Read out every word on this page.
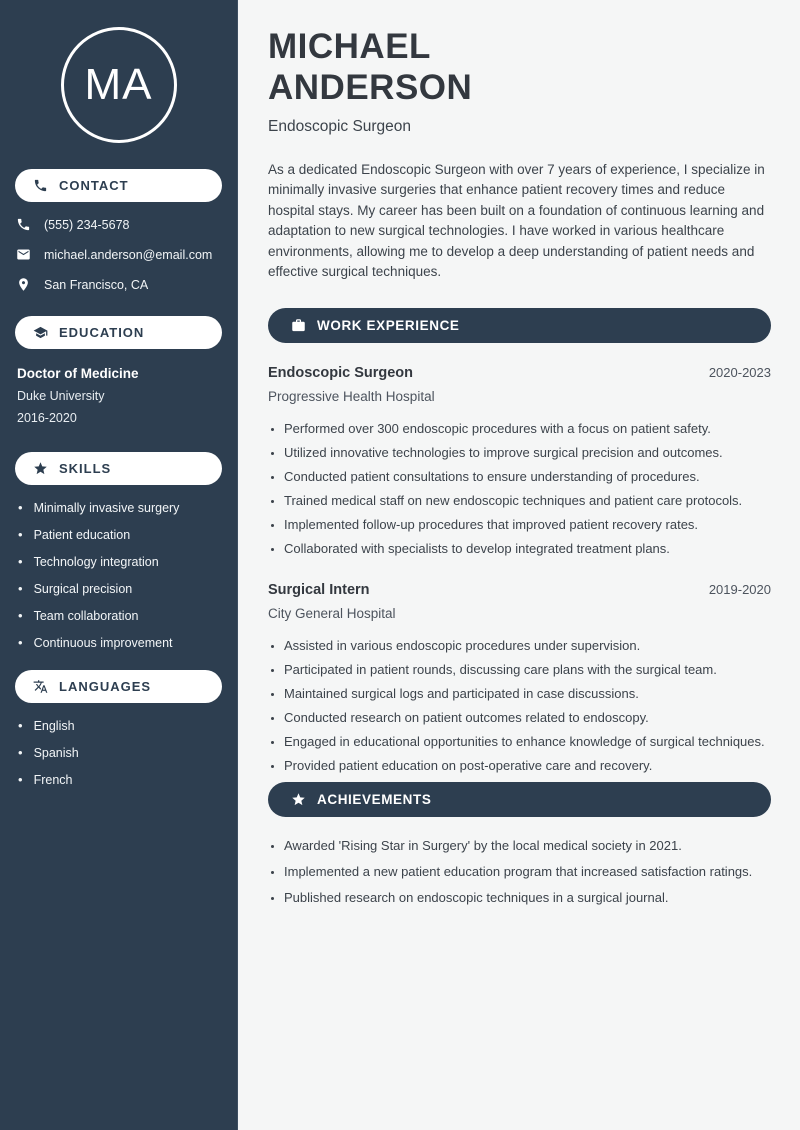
MA
CONTACT
(555) 234-5678
michael.anderson@email.com
San Francisco, CA
EDUCATION
Doctor of Medicine
Duke University
2016-2020
SKILLS
• Minimally invasive surgery
• Patient education
• Technology integration
• Surgical precision
• Team collaboration
• Continuous improvement
LANGUAGES
• English
• Spanish
• French
MICHAEL
ANDERSON
Endoscopic Surgeon

As a dedicated Endoscopic Surgeon with over 7 years of experience, I specialize in minimally invasive surgeries that enhance patient recovery times and reduce hospital stays. My career has been built on a foundation of continuous learning and adaptation to new surgical technologies. I have worked in various healthcare environments, allowing me to develop a deep understanding of patient needs and effective surgical techniques.

WORK EXPERIENCE
Endoscopic Surgeon	2020-2023
Progressive Health Hospital
• Performed over 300 endoscopic procedures with a focus on patient safety.
• Utilized innovative technologies to improve surgical precision and outcomes.
• Conducted patient consultations to ensure understanding of procedures.
• Trained medical staff on new endoscopic techniques and patient care protocols.
• Implemented follow-up procedures that improved patient recovery rates.
• Collaborated with specialists to develop integrated treatment plans.
Surgical Intern	2019-2020
City General Hospital
• Assisted in various endoscopic procedures under supervision.
• Participated in patient rounds, discussing care plans with the surgical team.
• Maintained surgical logs and participated in case discussions.
• Conducted research on patient outcomes related to endoscopy.
• Engaged in educational opportunities to enhance knowledge of surgical techniques.
• Provided patient education on post-operative care and recovery.
ACHIEVEMENTS
• Awarded 'Rising Star in Surgery' by the local medical society in 2021.
• Implemented a new patient education program that increased satisfaction ratings.
• Published research on endoscopic techniques in a surgical journal.
